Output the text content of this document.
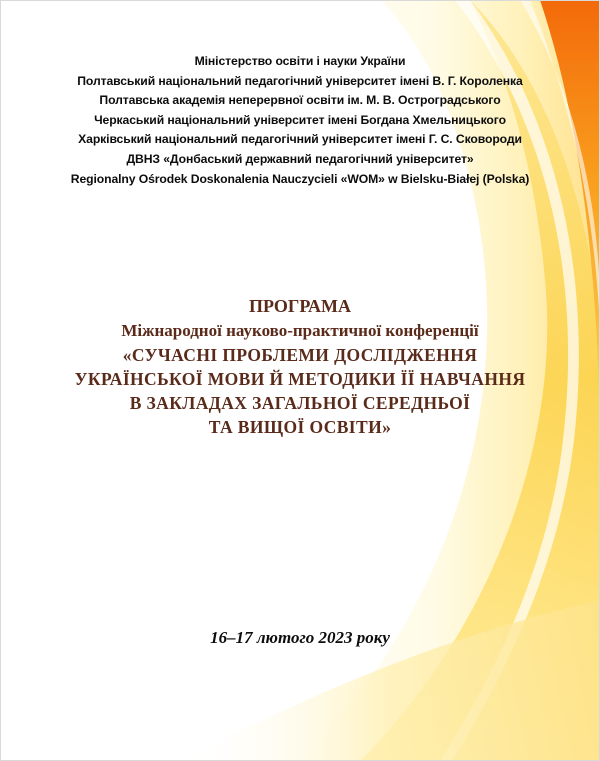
Міністерство освіти і науки України
Полтавський національний педагогічний університет імені В. Г. Короленка
Полтавська академія неперервної освіти ім. М. В. Остроградського
Черкаський національний університет імені Богдана Хмельницького
Харківський національний педагогічний університет імені Г. С. Сковороди
ДВНЗ «Донбаський державний педагогічний університет»
Regionalny Ośrodek Doskonalenia Nauczycieli «WOM» w Bielsku-Białej (Polska)
ПРОГРАМА
Міжнародної науково-практичної конференції
«СУЧАСНІ ПРОБЛЕМИ ДОСЛІДЖЕННЯ
УКРАЇНСЬКОЇ МОВИ Й МЕТОДИКИ ЇЇ НАВЧАННЯ
В ЗАКЛАДАХ ЗАГАЛЬНОЇ СЕРЕДНЬОЇ
ТА ВИЩОЇ ОСВІТИ»
16–17 лютого 2023 року
